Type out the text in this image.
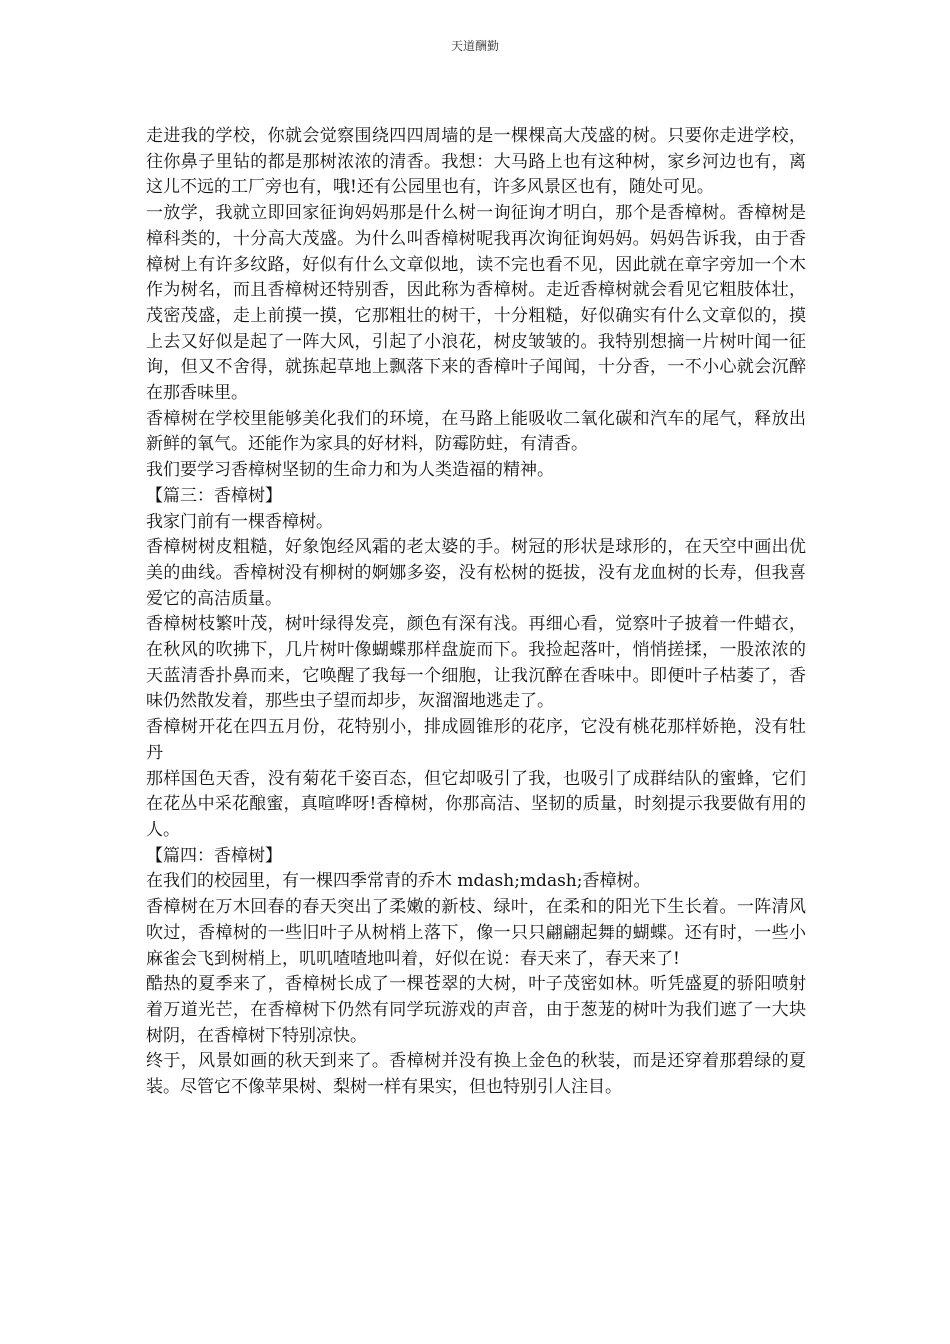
天道酬勤

走进我的学校，你就会觉察围绕四四周墙的是一棵棵高大茂盛的树。只要你走进学校，往你鼻子里钻的都是那树浓浓的清香。我想：大马路上也有这种树，家乡河边也有，离这儿不远的工厂旁也有，哦!还有公园里也有，许多风景区也有，随处可见。

一放学，我就立即回家征询妈妈那是什么树一询征询才明白，那个是香樟树。香樟树是樟科类的，十分高大茂盛。为什么叫香樟树呢我再次询征询妈妈。妈妈告诉我，由于香樟树上有许多纹路，好似有什么文章似地，读不完也看不见，因此就在章字旁加一个木作为树名，而且香樟树还特别香，因此称为香樟树。走近香樟树就会看见它粗肢体壮，茂密茂盛，走上前摸一摸，它那粗壮的树干，十分粗糙，好似确实有什么文章似的，摸上去又好似是起了一阵大风，引起了小浪花，树皮皱皱的。我特别想摘一片树叶闻一征询，但又不舍得，就拣起草地上飘落下来的香樟叶子闻闻，十分香，一不小心就会沉醉在那香味里。

香樟树在学校里能够美化我们的环境，在马路上能吸收二氧化碳和汽车的尾气，释放出新鲜的氧气。还能作为家具的好材料，防霉防蛀，有清香。

我们要学习香樟树坚韧的生命力和为人类造福的精神。

【篇三：香樟树】

我家门前有一棵香樟树。

香樟树树皮粗糙，好象饱经风霜的老太婆的手。树冠的形状是球形的，在天空中画出优美的曲线。香樟树没有柳树的婀娜多姿，没有松树的挺拔，没有龙血树的长寿，但我喜爱它的高洁质量。

香樟树枝繁叶茂，树叶绿得发亮，颜色有深有浅。再细心看，觉察叶子披着一件蜡衣，在秋风的吹拂下，几片树叶像蝴蝶那样盘旋而下。我捡起落叶，悄悄搓揉，一股浓浓的天蓝清香扑鼻而来，它唤醒了我每一个细胞，让我沉醉在香味中。即便叶子枯萎了，香味仍然散发着，那些虫子望而却步，灰溜溜地逃走了。

香樟树开花在四五月份，花特别小，排成圆锥形的花序，它没有桃花那样娇艳，没有牡丹

那样国色天香，没有菊花千姿百态，但它却吸引了我，也吸引了成群结队的蜜蜂，它们在花丛中采花酿蜜，真喧哗呀!香樟树，你那高洁、坚韧的质量，时刻提示我要做有用的人。

【篇四：香樟树】

在我们的校园里，有一棵四季常青的乔木 mdash;mdash;香樟树。

香樟树在万木回春的春天突出了柔嫩的新枝、绿叶，在柔和的阳光下生长着。一阵清风吹过，香樟树的一些旧叶子从树梢上落下，像一只只翩翩起舞的蝴蝶。还有时，一些小麻雀会飞到树梢上，叽叽喳喳地叫着，好似在说：春天来了，春天来了!

酷热的夏季来了，香樟树长成了一棵苍翠的大树，叶子茂密如林。听凭盛夏的骄阳喷射着万道光芒，在香樟树下仍然有同学玩游戏的声音，由于葱茏的树叶为我们遮了一大块树阴，在香樟树下特别凉快。

终于，风景如画的秋天到来了。香樟树并没有换上金色的秋装，而是还穿着那碧绿的夏装。尽管它不像苹果树、梨树一样有果实，但也特别引人注目。
